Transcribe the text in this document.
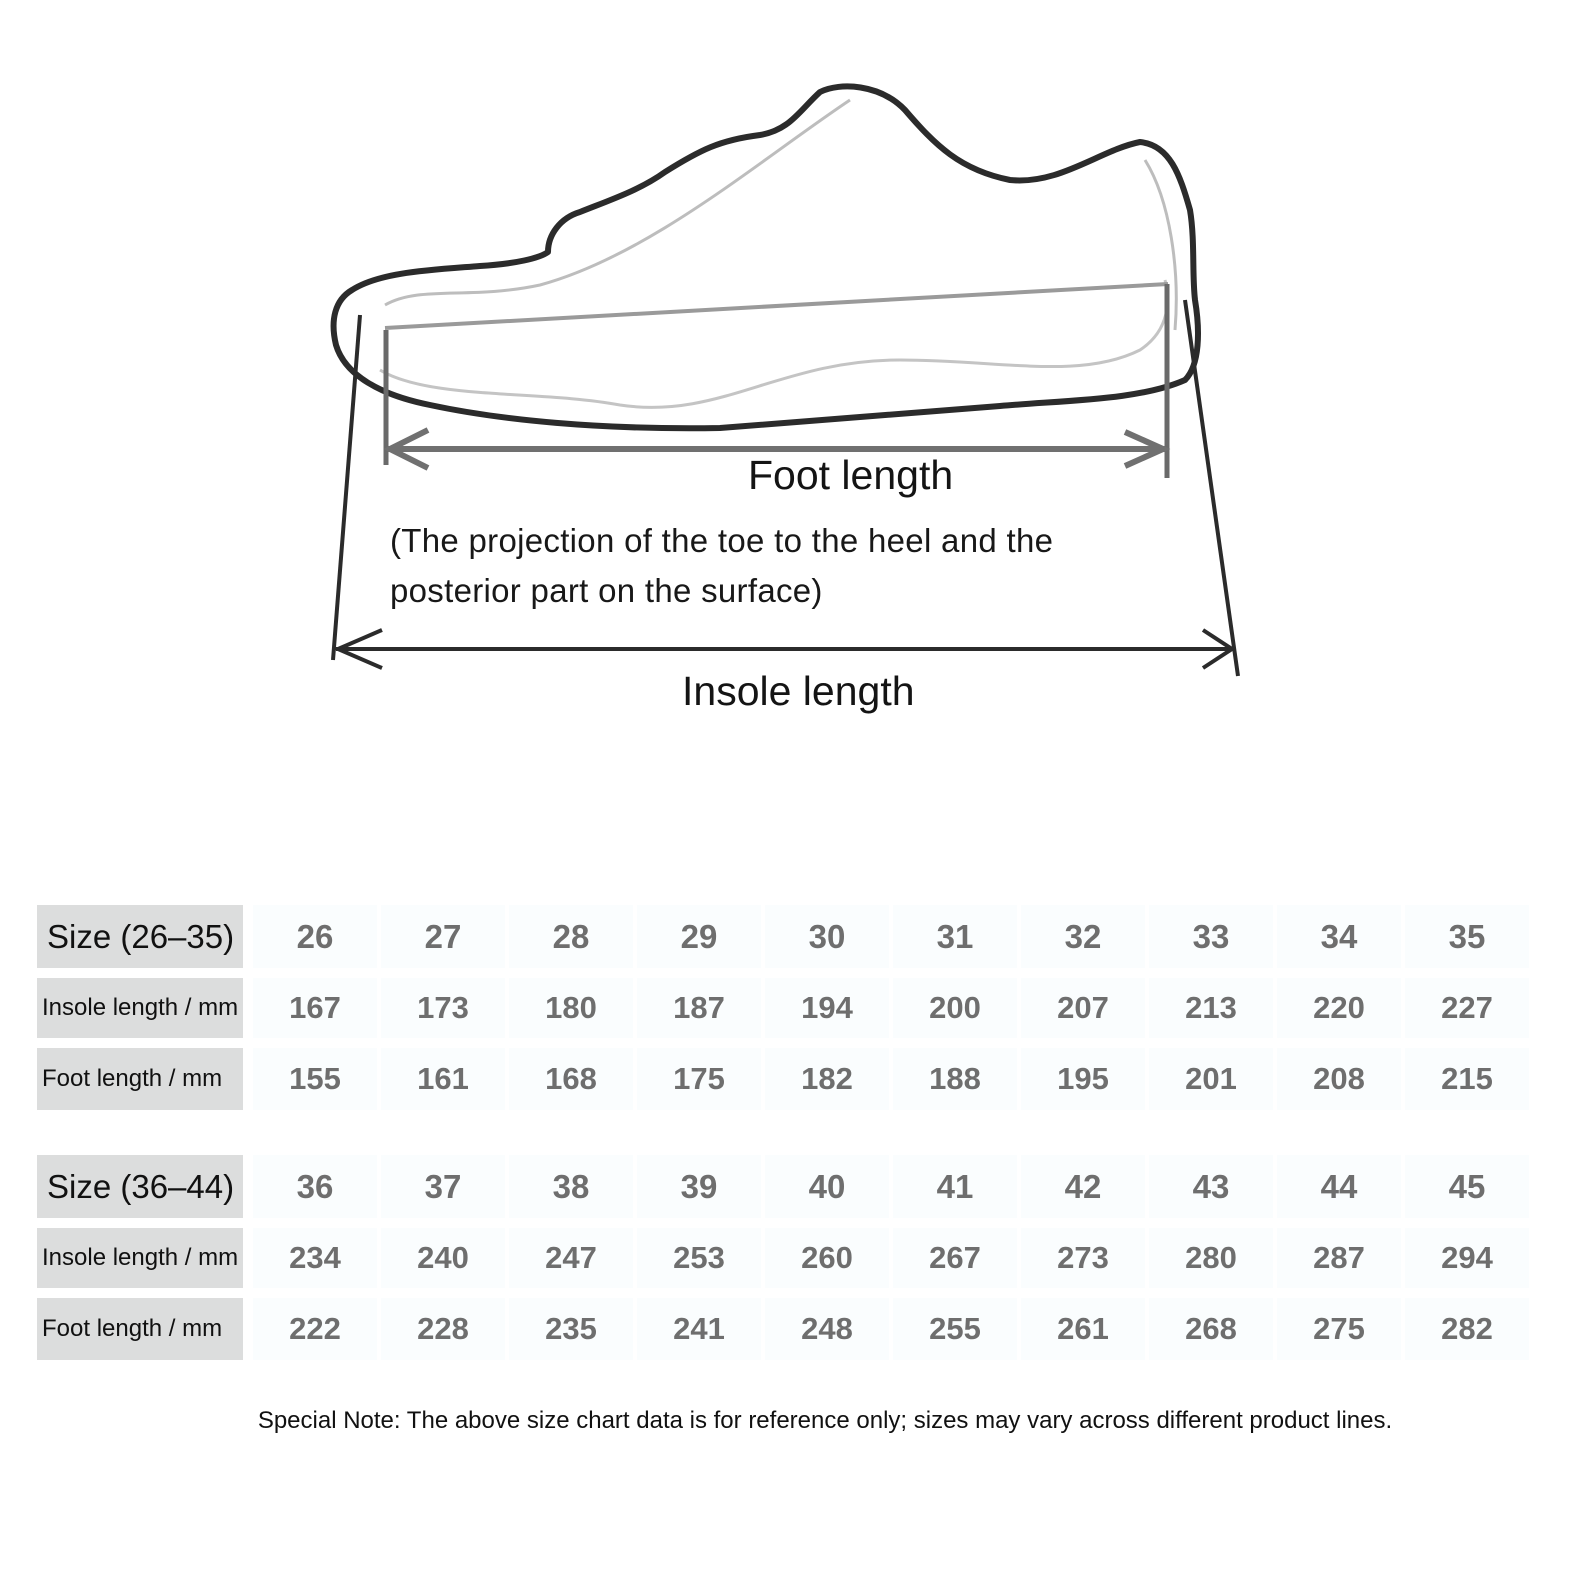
Foot length
(The projection of the toe to the heel and the
posterior part on the surface)
Insole length
Size (26–35)	26	27	28	29	30	31	32	33	34	35
Insole length / mm	167	173	180	187	194	200	207	213	220	227
Foot length / mm	155	161	168	175	182	188	195	201	208	215
Size (36–44)	36	37	38	39	40	41	42	43	44	45
Insole length / mm	234	240	247	253	260	267	273	280	287	294
Foot length / mm	222	228	235	241	248	255	261	268	275	282
Special Note: The above size chart data is for reference only; sizes may vary across different product lines.
